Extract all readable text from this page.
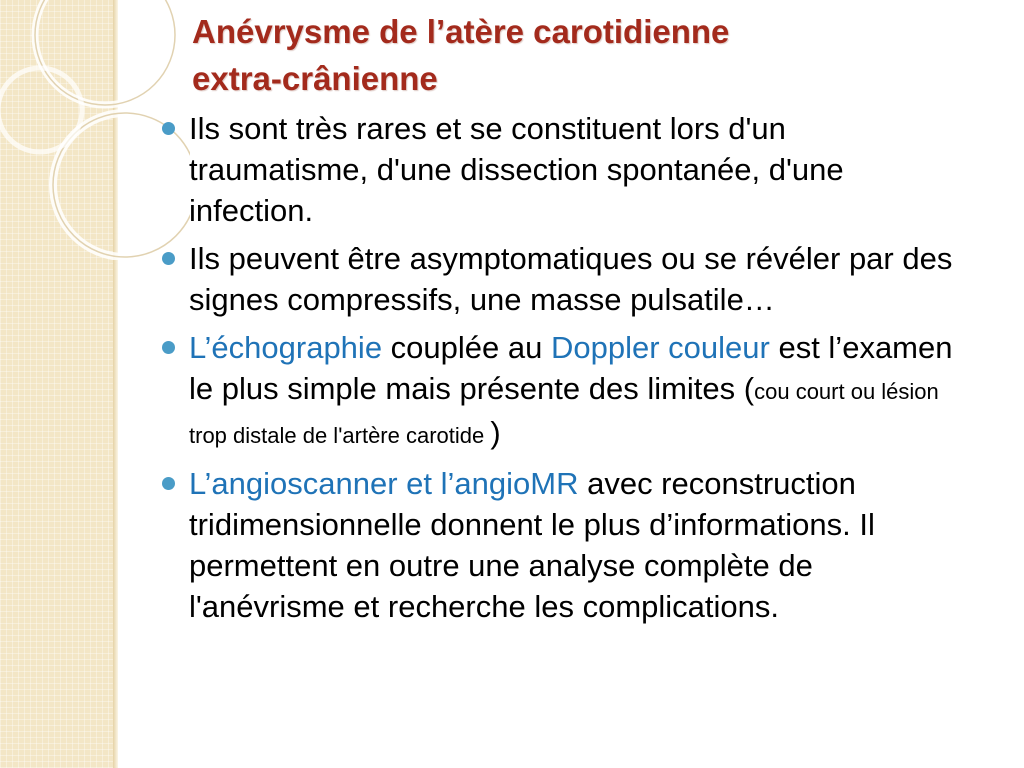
Anévrysme de l’atère carotidienne
extra-crânienne
Ils sont très rares et se constituent lors d'un traumatisme, d'une dissection spontanée, d'une infection.
Ils peuvent être asymptomatiques ou se révéler par des signes compressifs, une masse pulsatile…
L’échographie couplée au Doppler couleur est l’examen le plus simple mais présente des limites (cou court ou lésion trop distale de l'artère carotide )
L’angioscanner et l’angioMR avec reconstruction tridimensionnelle donnent le plus d’informations. Il permettent en outre une analyse complète de l'anévrisme et recherche les complications.
